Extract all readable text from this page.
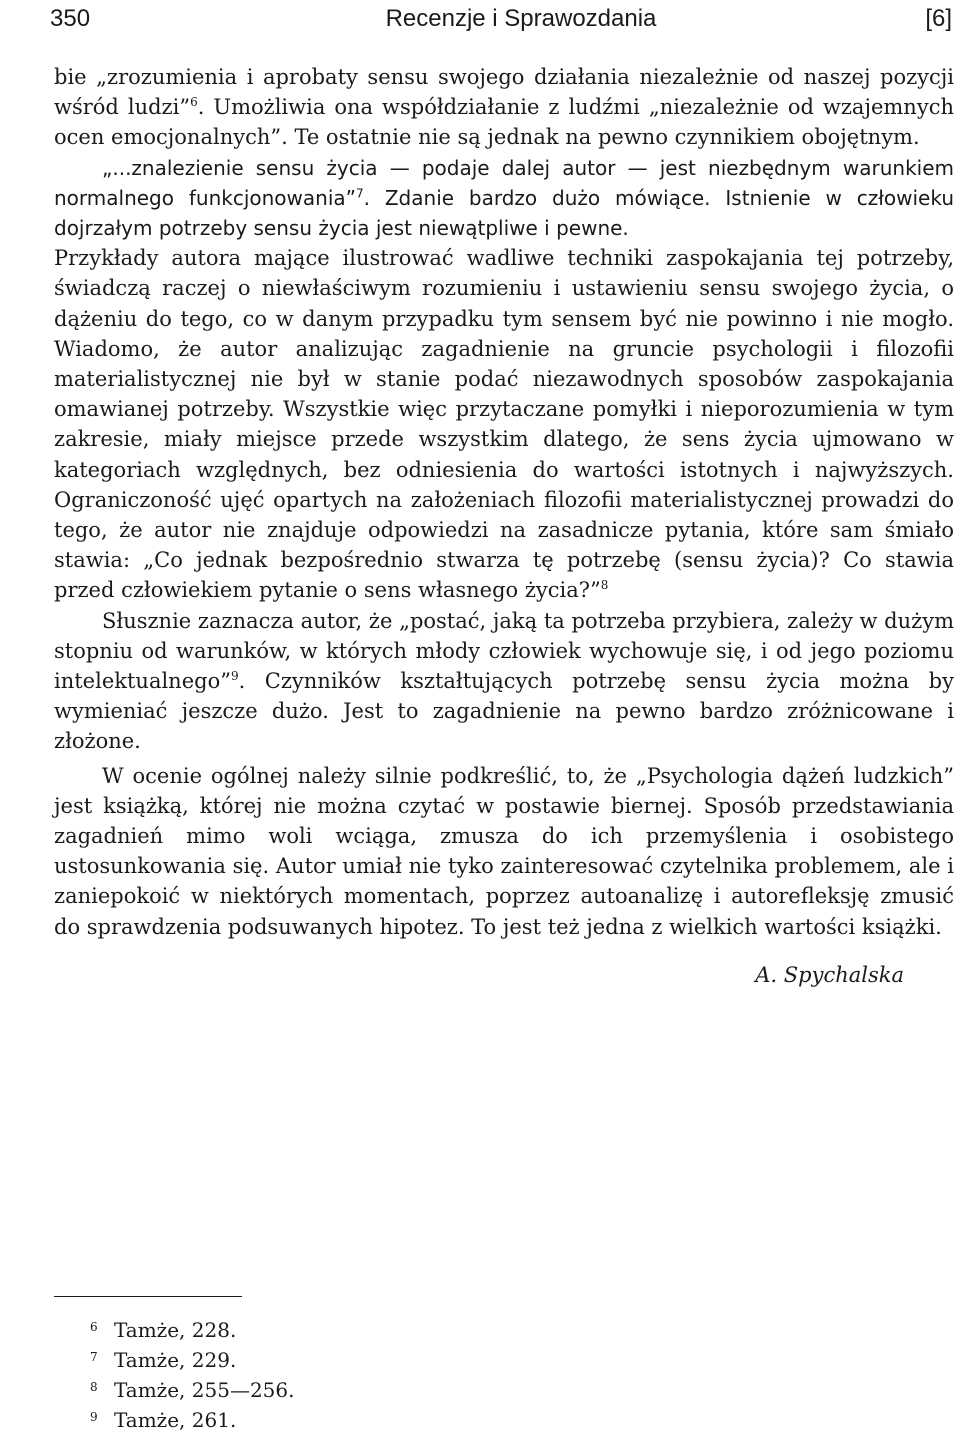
350	Recenzje i Sprawozdania	[6]

bie „zrozumienia i aprobaty sensu swojego działania niezależnie od naszej pozycji wśród ludzi”$^6$. Umożliwia ona współdziałanie z ludźmi „niezależnie od wzajemnych ocen emocjonalnych”. Te ostatnie nie są jednak na pewno czynnikiem obojętnym.

„...znalezienie sensu życia — podaje dalej autor — jest niezbędnym warunkiem normalnego funkcjonowania”$^7$. Zdanie bardzo dużo mówiące. Istnienie w człowieku dojrzałym potrzeby sensu życia jest niewątpliwe i pewne.

Przykłady autora mające ilustrować wadliwe techniki zaspokajania tej potrzeby, świadczą raczej o niewłaściwym rozumieniu i ustawieniu sensu swojego życia, o dążeniu do tego, co w danym przypadku tym sensem być nie powinno i nie mogło. Wiadomo, że autor analizując zagadnienie na gruncie psychologii i filozofii materialistycznej nie był w stanie podać niezawodnych sposobów zaspokajania omawianej potrzeby. Wszystkie więc przytaczane pomyłki i nieporozumienia w tym zakresie, miały miejsce przede wszystkim dlatego, że sens życia ujmowano w kategoriach względnych, bez odniesienia do wartości istotnych i najwyższych. Ograniczoność ujęć opartych na założeniach filozofii materialistycznej prowadzi do tego, że autor nie znajduje odpowiedzi na zasadnicze pytania, które sam śmiało stawia: „Co jednak bezpośrednio stwarza tę potrzebę (sensu życia)? Co stawia przed człowiekiem pytanie o sens własnego życia?”$^8$

Słusznie zaznacza autor, że „postać, jaką ta potrzeba przybiera, zależy w dużym stopniu od warunków, w których młody człowiek wychowuje się, i od jego poziomu intelektualnego”$^9$. Czynników kształtujących potrzebę sensu życia można by wymieniać jeszcze dużo. Jest to zagadnienie na pewno bardzo zróżnicowane i złożone.

W ocenie ogólnej należy silnie podkreślić, to, że „Psychologia dążeń ludzkich” jest książką, której nie można czytać w postawie biernej. Sposób przedstawiania zagadnień mimo woli wciąga, zmusza do ich przemyślenia i osobistego ustosunkowania się. Autor umiał nie tyko zainteresować czytelnika problemem, ale i zaniepokoić w niektórych momentach, poprzez autoanalizę i autorefleksję zmusić do sprawdzenia podsuwanych hipotez. To jest też jedna z wielkich wartości książki.

A. Spychalska
6 Tamże, 228.
7 Tamże, 229.
8 Tamże, 255—256.
9 Tamże, 261.
